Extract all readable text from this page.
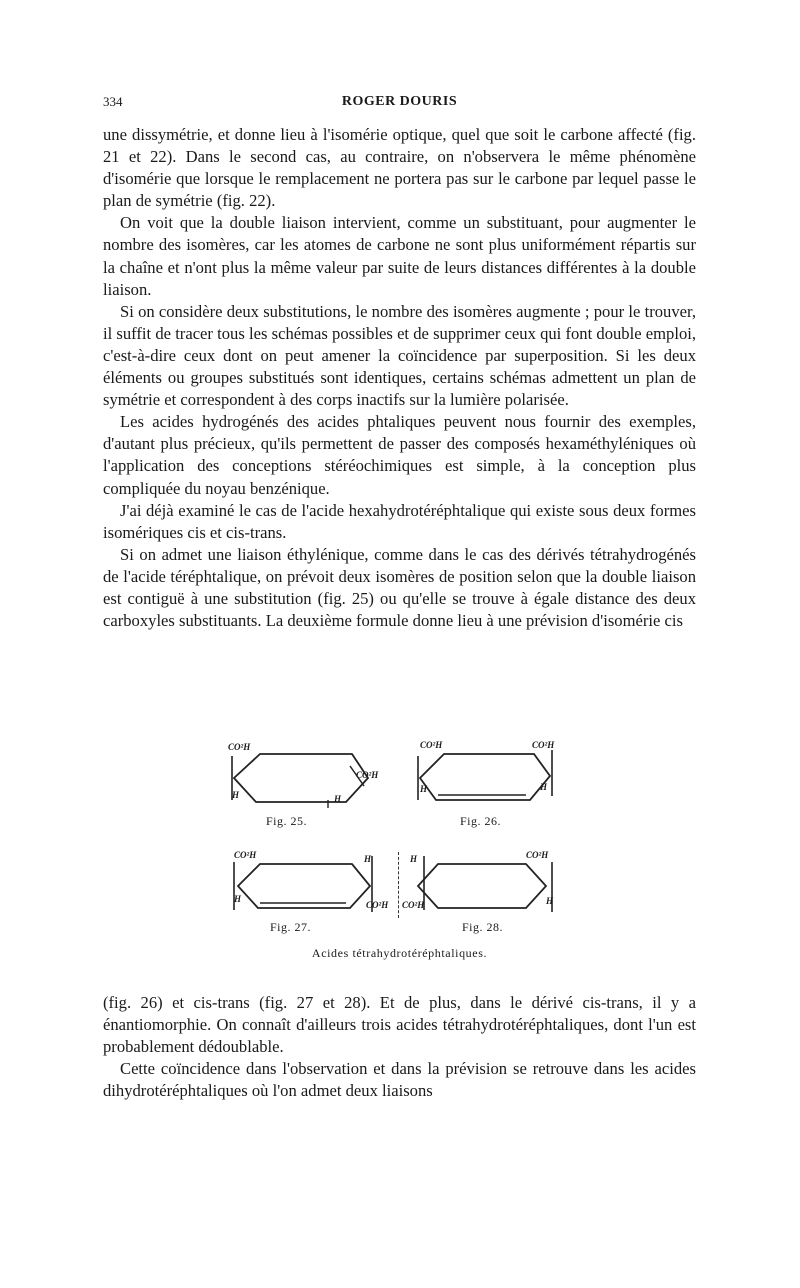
334	ROGER DOURIS

une dissymétrie, et donne lieu à l'isomérie optique, quel que soit le carbone affecté (fig. 21 et 22). Dans le second cas, au contraire, on n'observera le même phénomène d'isomérie que lorsque le remplacement ne portera pas sur le carbone par lequel passe le plan de symétrie (fig. 22).

On voit que la double liaison intervient, comme un substituant, pour augmenter le nombre des isomères, car les atomes de carbone ne sont plus uniformément répartis sur la chaîne et n'ont plus la même valeur par suite de leurs distances différentes à la double liaison.

Si on considère deux substitutions, le nombre des isomères augmente ; pour le trouver, il suffit de tracer tous les schémas possibles et de supprimer ceux qui font double emploi, c'est-à-dire ceux dont on peut amener la coïncidence par superposition. Si les deux éléments ou groupes substitués sont identiques, certains schémas admettent un plan de symétrie et correspondent à des corps inactifs sur la lumière polarisée.

Les acides hydrogénés des acides phtaliques peuvent nous fournir des exemples, d'autant plus précieux, qu'ils permettent de passer des composés hexaméthyléniques où l'application des conceptions stéréochimiques est simple, à la conception plus compliquée du noyau benzénique.

J'ai déjà examiné le cas de l'acide hexahydrotéréphtalique qui existe sous deux formes isomériques cis et cis-trans.

Si on admet une liaison éthylénique, comme dans le cas des dérivés tétrahydrogénés de l'acide téréphtalique, on prévoit deux isomères de position selon que la double liaison est contiguë à une substitution (fig. 25) ou qu'elle se trouve à égale distance des deux carboxyles substituants. La deuxième formule donne lieu à une prévision d'isomérie cis

CO²H
CO²H
H	H
Fig. 25.
CO²H	CO²H
H	H
Fig. 26.
CO²H	H
H
CO²H
Fig. 27.
H	CO²H
CO²H	H
Fig. 28.
Acides tétrahydrotéréphtaliques.

(fig. 26) et cis-trans (fig. 27 et 28). Et de plus, dans le dérivé cis-trans, il y a énantiomorphie. On connaît d'ailleurs trois acides tétrahydrotéréphtaliques, dont l'un est probablement dédoublable.

Cette coïncidence dans l'observation et dans la prévision se retrouve dans les acides dihydrotéréphtaliques où l'on admet deux liaisons
